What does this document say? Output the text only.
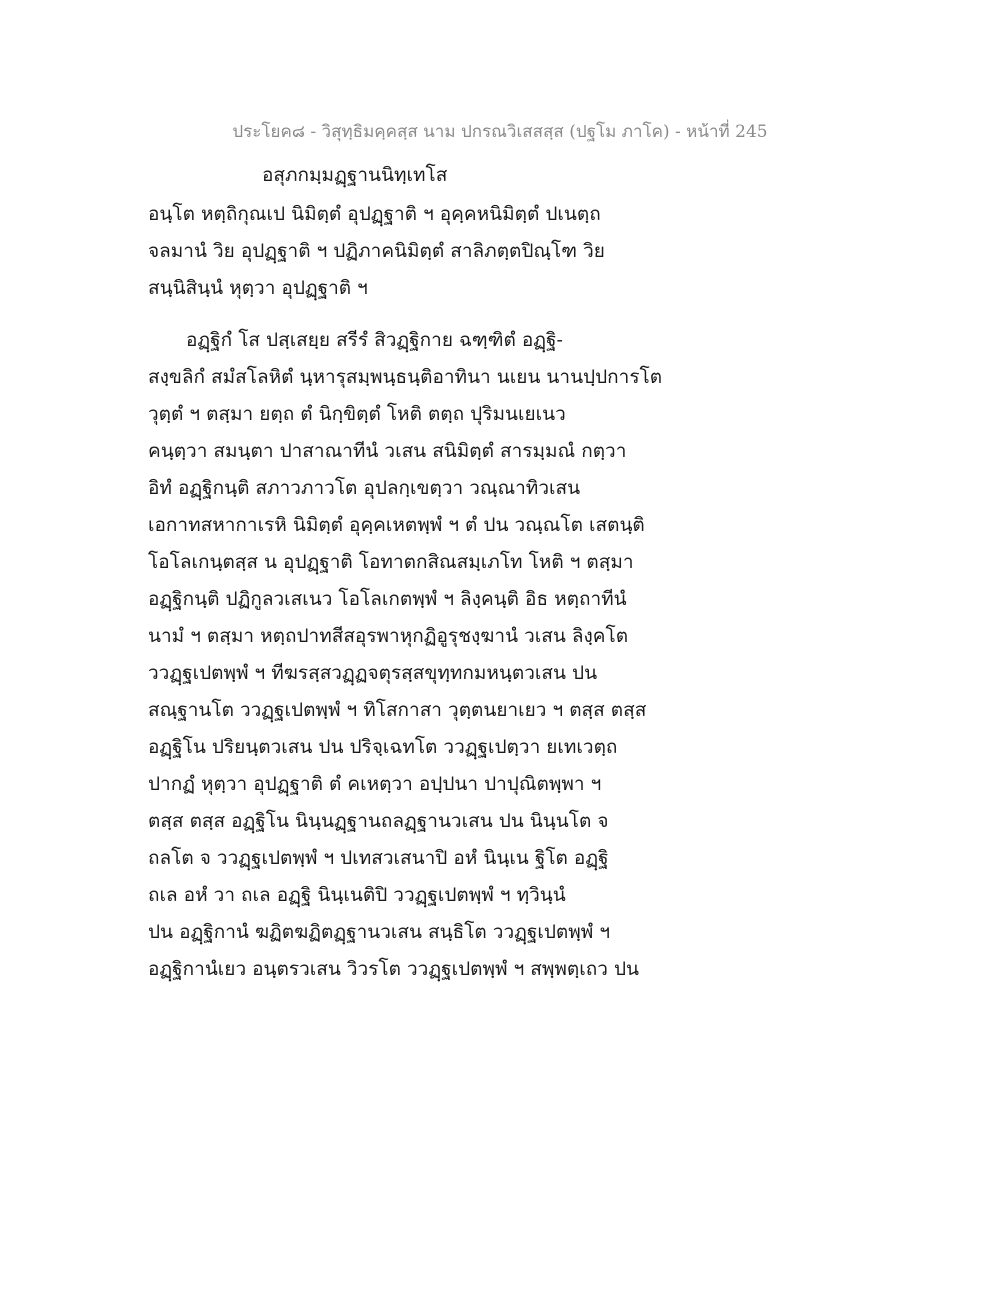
ประโยค๘ - วิสุทฺธิมคฺคสฺส นาม ปกรณวิเสสสฺส (ปฐโม ภาโค) - หน้าที่ 245
อสุภกมฺมฏฺฐานนิทฺเทโส
อนฺโต หตฺถิกุณเป นิมิตฺตํ อุปฏฺฐาติ ฯ อุคฺคหนิมิตฺตํ ปเนตฺถ
จลมานํ วิย อุปฏฺฐาติ ฯ ปฏิภาคนิมิตฺตํ สาลิภตฺตปิณฺโฑ วิย
สนฺนิสินฺนํ หุตฺวา อุปฏฺฐาติ ฯ
อฏฺฐิกํ โส ปสฺเสยฺย สรีรํ สิวฏฺฐิกาย ฉฑฺฑิตํ อฏฺฐิ-
สงฺขลิกํ สมํสโลหิตํ นฺหารุสมฺพนฺธนฺติอาทินา นเยน นานปฺปการโต
วุตฺตํ ฯ ตสฺมา ยตฺถ ตํ นิกฺขิตฺตํ โหติ ตตฺถ ปุริมนเยเนว
คนฺตฺวา สมนฺตา ปาสาณาทีนํ วเสน สนิมิตฺตํ สารมฺมณํ กตฺวา
อิทํ อฏฺฐิกนฺติ สภาวภาวโต อุปลกฺเขตฺวา วณฺณาทิวเสน
เอกาทสหากาเรหิ นิมิตฺตํ อุคฺคเหตพฺพํ ฯ ตํ ปน วณฺณโต เสตนฺติ
โอโลเกนฺตสฺส น อุปฏฺฐาติ โอทาตกสิณสมฺเภโท โหติ ฯ ตสฺมา
อฏฺฐิกนฺติ ปฏิกูลวเสเนว โอโลเกตพฺพํ ฯ ลิงฺคนฺติ อิธ หตฺถาทีนํ
นามํ ฯ ตสฺมา หตฺถปาทสีสอุรพาหุกฏิอูรุชงฺฆานํ วเสน ลิงฺคโต
ววฏฺฐเปตพฺพํ ฯ ทีฆรสฺสวฏฺฏจตุรสฺสขุทฺทกมหนฺตวเสน ปน
สณฺฐานโต ววฏฺฐเปตพฺพํ ฯ ทิโสกาสา วุตฺตนยาเยว ฯ ตสฺส ตสฺส
อฏฺฐิโน ปริยนฺตวเสน ปน ปริจฺเฉทโต ววฏฺฐเปตฺวา ยเทเวตฺถ
ปากฏํ หุตฺวา อุปฏฺฐาติ ตํ คเหตฺวา อปฺปนา ปาปุณิตพฺพา ฯ
ตสฺส ตสฺส อฏฺฐิโน นินฺนฏฺฐานถลฏฺฐานวเสน ปน นินฺนโต จ
ถลโต จ ววฏฺฐเปตพฺพํ ฯ ปเทสวเสนาปิ อหํ นินฺเน ฐิโต อฏฺฐิ
ถเล อหํ วา ถเล อฏฺฐิ นินฺเนติปิ ววฏฺฐเปตพฺพํ ฯ ทฺวินฺนํ
ปน อฏฺฐิกานํ ฆฏิตฆฏิตฏฺฐานวเสน สนฺธิโต ววฏฺฐเปตพฺพํ ฯ
อฏฺฐิกานํเยว อนฺตรวเสน วิวรโต ววฏฺฐเปตพฺพํ ฯ สพฺพตฺเถว ปน
